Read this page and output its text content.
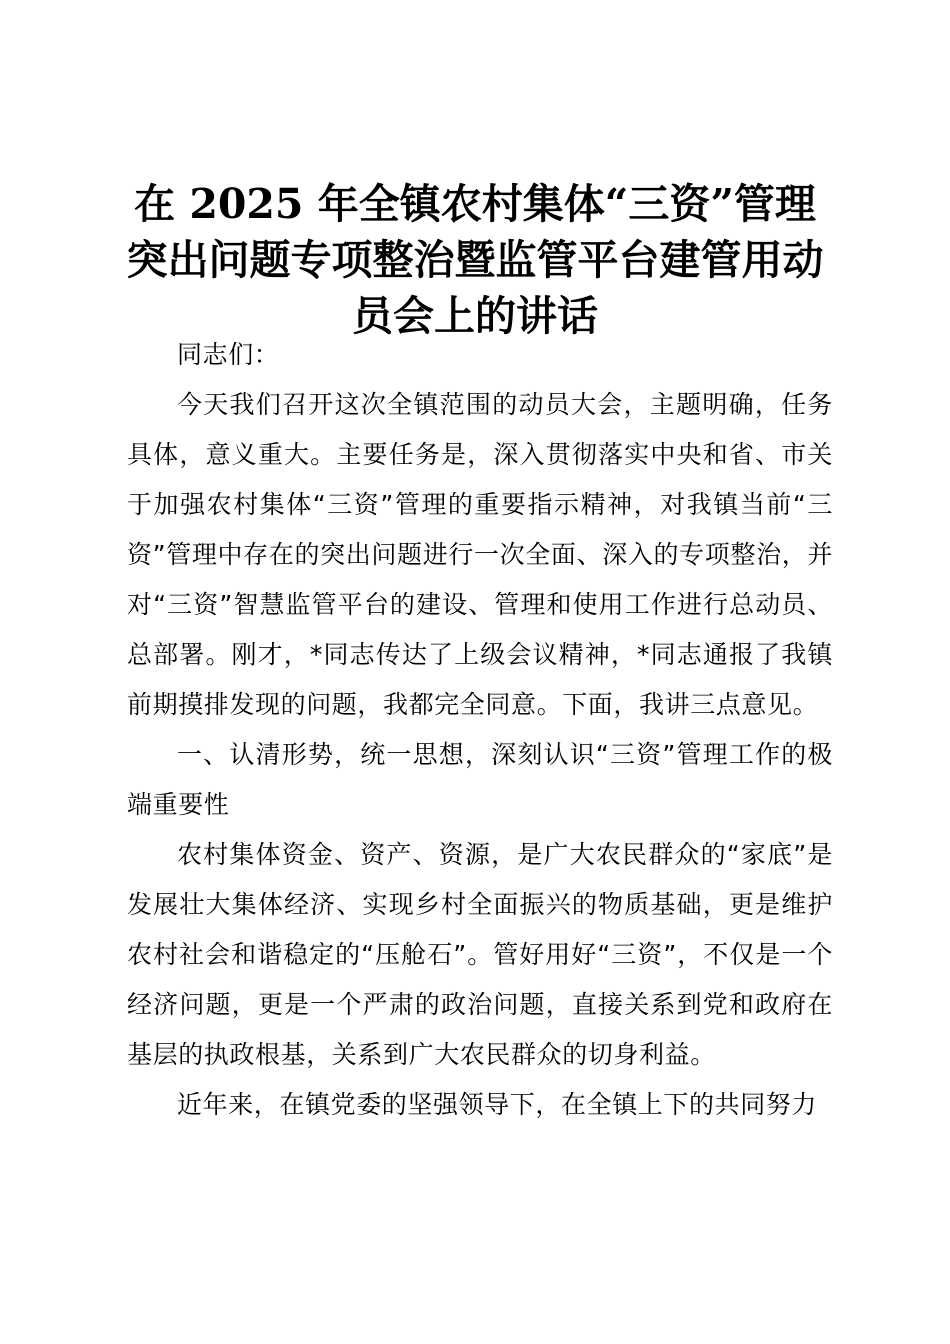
在 2025 年全镇农村集体“三资”管理
突出问题专项整治暨监管平台建管用动
员会上的讲话

同志们：

今天我们召开这次全镇范围的动员大会，主题明确，任务具体，意义重大。主要任务是，深入贯彻落实中央和省、市关于加强农村集体“三资”管理的重要指示精神，对我镇当前“三资”管理中存在的突出问题进行一次全面、深入的专项整治，并对“三资”智慧监管平台的建设、管理和使用工作进行总动员、总部署。刚才，*同志传达了上级会议精神，*同志通报了我镇前期摸排发现的问题，我都完全同意。下面，我讲三点意见。

一、认清形势，统一思想，深刻认识“三资”管理工作的极端重要性

农村集体资金、资产、资源，是广大农民群众的“家底”是发展壮大集体经济、实现乡村全面振兴的物质基础，更是维护农村社会和谐稳定的“压舱石”。管好用好“三资”，不仅是一个经济问题，更是一个严肃的政治问题，直接关系到党和政府在基层的执政根基，关系到广大农民群众的切身利益。

近年来，在镇党委的坚强领导下，在全镇上下的共同努力
